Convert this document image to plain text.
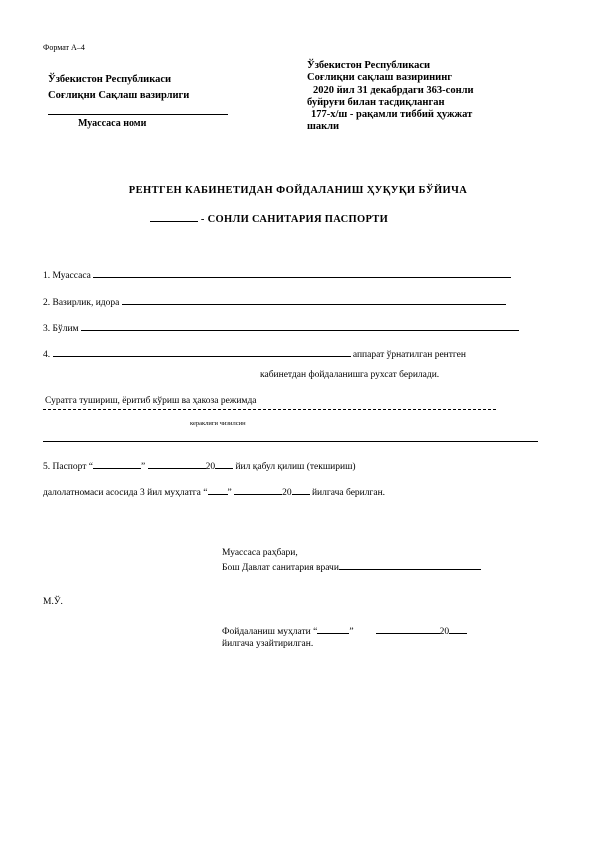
Формат А–4
Ўзбекистон Республикаси
Соғлиқни Сақлаш вазирлиги
Муассаса номи
Ўзбекистон Республикаси
Соғлиқни сақлаш вазирининг
2020 йил 31 декабрдаги 363-сонли
буйруғи билан тасдиқланган
177-х/ш - рақамли тиббий ҳужжат
шакли
РЕНТГЕН КАБИНЕТИДАН ФОЙДАЛАНИШ ҲУҚУҚИ БЎЙИЧА
- СОНЛИ САНИТАРИЯ ПАСПОРТИ
1. Муассаса
2. Вазирлик, идора
3. Бўлим
4.	аппарат ўрнатилган рентген
кабинетдан фойдаланишга рухсат берилади.
Суратга тушириш, ёритиб кўриш ва ҳакоза режимда
кераклиги чизилсин
5. Паспорт “	”	20 йил қабул қилиш (текшириш)
далолатномаси асосида 3 йил муҳлатга “ ”	20 йилгача берилган.
Муассаса раҳбари,
Бош Давлат санитария врачи
М.Ў.
Фойдаланиш муҳлати “	”	20
йилгача узайтирилган.
